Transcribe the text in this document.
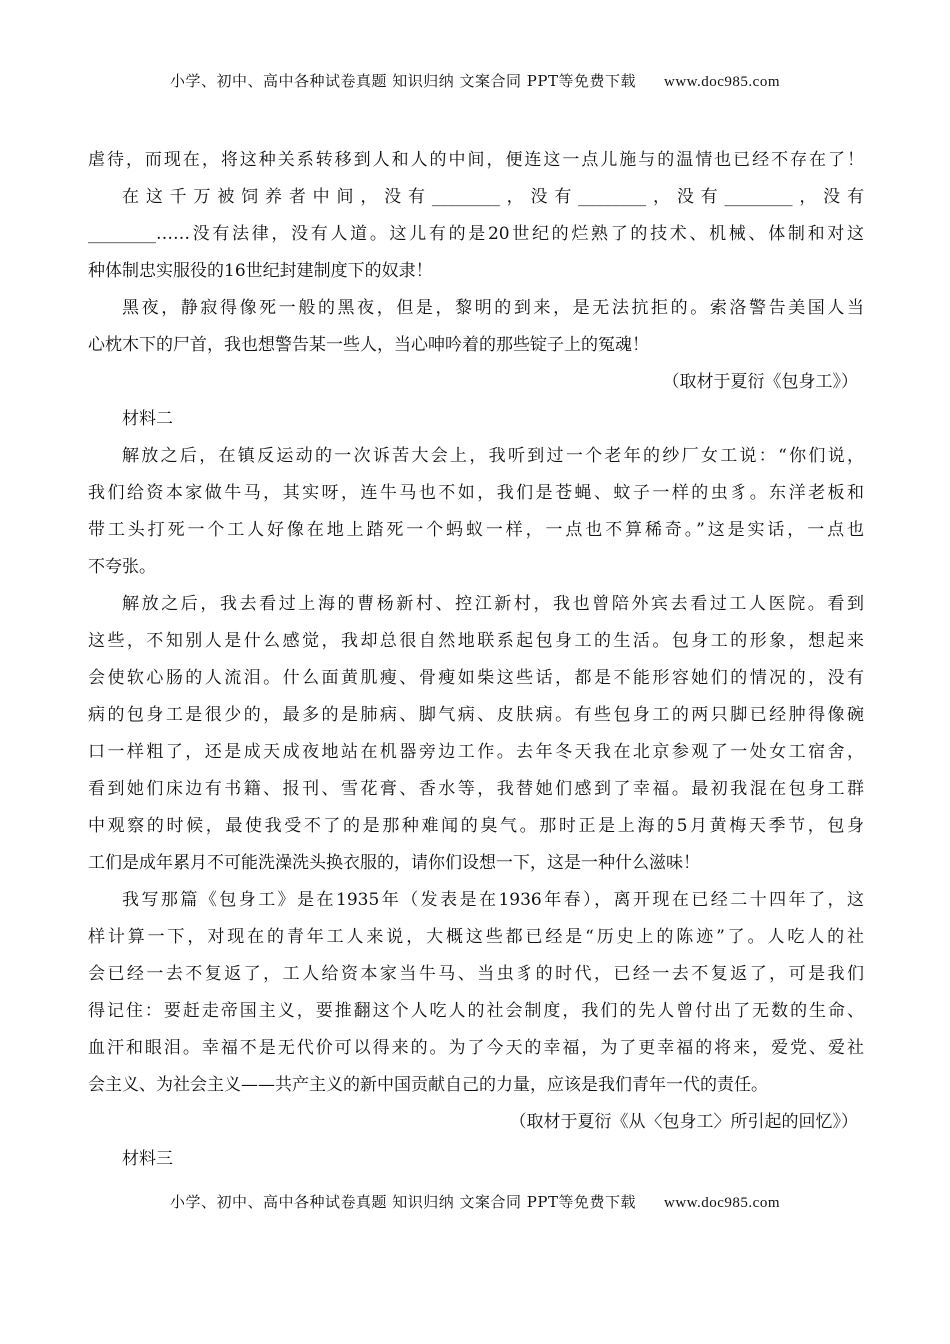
小学、初中、高中各种试卷真题 知识归纳 文案合同 PPT等免费下载 www.doc985.com
虐待，而现在，将这种关系转移到人和人的中间，便连这一点儿施与的温情也已经不存在了！
在这千万被饲养者中间，没有________，没有________，没有________，没有
________……没有法律，没有人道。这儿有的是20世纪的烂熟了的技术、机械、体制和对这
种体制忠实服役的16世纪封建制度下的奴隶！
黑夜，静寂得像死一般的黑夜，但是，黎明的到来，是无法抗拒的。索洛警告美国人当
心枕木下的尸首，我也想警告某一些人，当心呻吟着的那些锭子上的冤魂！
（取材于夏衍《包身工》）
材料二
解放之后，在镇反运动的一次诉苦大会上，我听到过一个老年的纱厂女工说：“你们说，
我们给资本家做牛马，其实呀，连牛马也不如，我们是苍蝇、蚊子一样的虫豸。东洋老板和
带工头打死一个工人好像在地上踏死一个蚂蚁一样，一点也不算稀奇。”这是实话，一点也
不夸张。
解放之后，我去看过上海的曹杨新村、控江新村，我也曾陪外宾去看过工人医院。看到
这些，不知别人是什么感觉，我却总很自然地联系起包身工的生活。包身工的形象，想起来
会使软心肠的人流泪。什么面黄肌瘦、骨瘦如柴这些话，都是不能形容她们的情况的，没有
病的包身工是很少的，最多的是肺病、脚气病、皮肤病。有些包身工的两只脚已经肿得像碗
口一样粗了，还是成天成夜地站在机器旁边工作。去年冬天我在北京参观了一处女工宿舍，
看到她们床边有书籍、报刊、雪花膏、香水等，我替她们感到了幸福。最初我混在包身工群
中观察的时候，最使我受不了的是那种难闻的臭气。那时正是上海的5月黄梅天季节，包身
工们是成年累月不可能洗澡洗头换衣服的，请你们设想一下，这是一种什么滋味！
我写那篇《包身工》是在1935年（发表是在1936年春），离开现在已经二十四年了，这
样计算一下，对现在的青年工人来说，大概这些都已经是“历史上的陈迹”了。人吃人的社
会已经一去不复返了，工人给资本家当牛马、当虫豸的时代，已经一去不复返了，可是我们
得记住：要赶走帝国主义，要推翻这个人吃人的社会制度，我们的先人曾付出了无数的生命、
血汗和眼泪。幸福不是无代价可以得来的。为了今天的幸福，为了更幸福的将来，爱党、爱社
会主义、为社会主义——共产主义的新中国贡献自己的力量，应该是我们青年一代的责任。
（取材于夏衍《从〈包身工〉所引起的回忆》）
材料三
小学、初中、高中各种试卷真题 知识归纳 文案合同 PPT等免费下载 www.doc985.com
